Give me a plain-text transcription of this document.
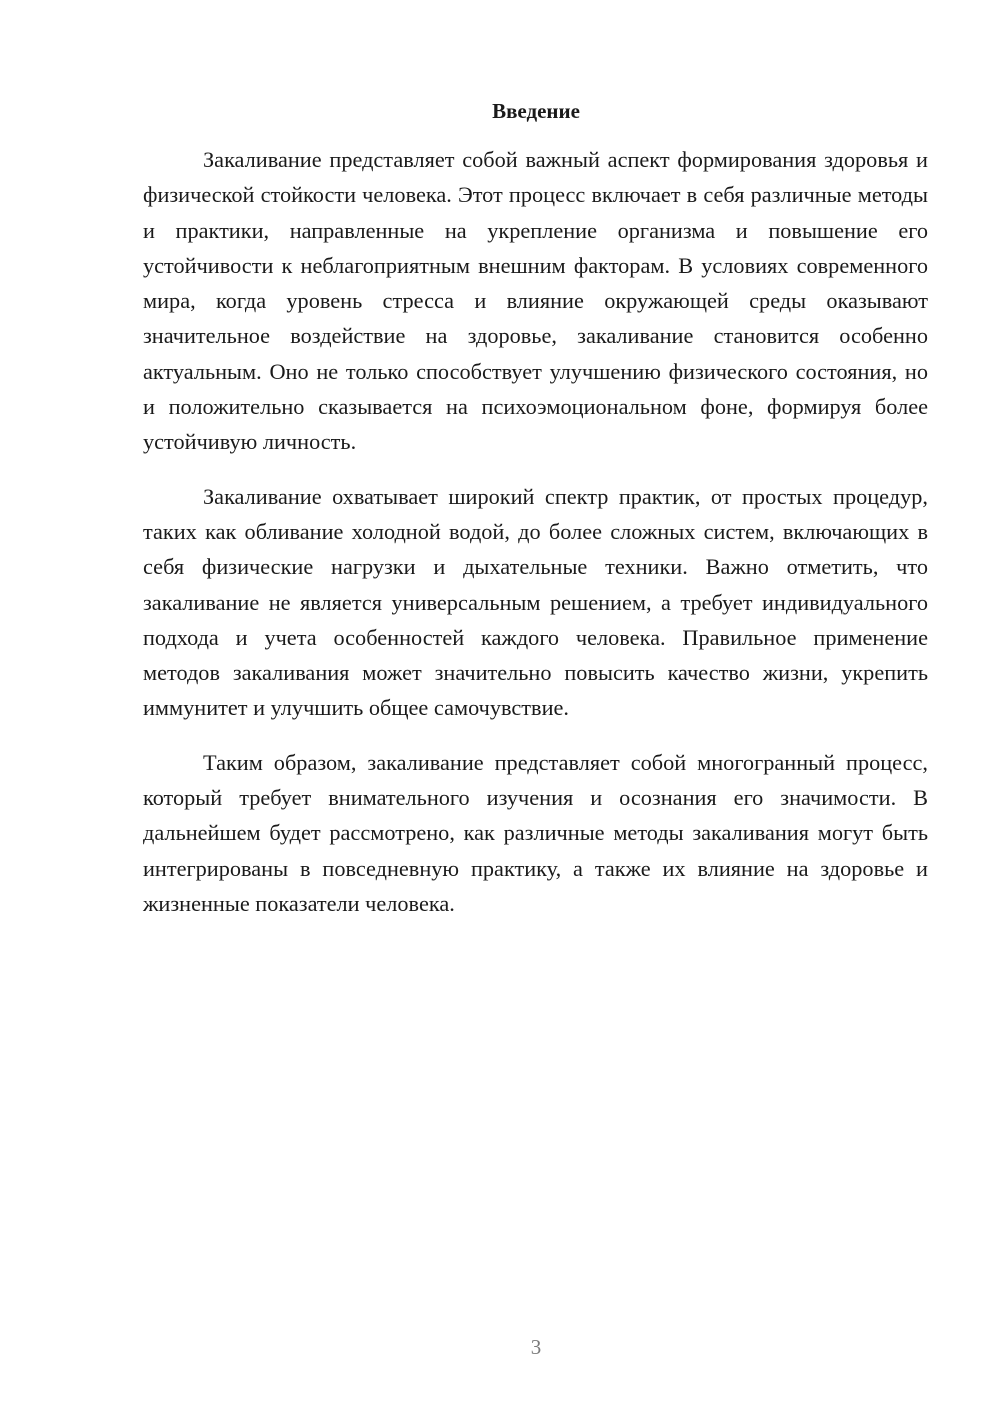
Введение

Закаливание представляет собой важный аспект формирования здоровья и физической стойкости человека. Этот процесс включает в себя различные методы и практики, направленные на укрепление организма и повышение его устойчивости к неблагоприятным внешним факторам. В условиях современного мира, когда уровень стресса и влияние окружающей среды оказывают значительное воздействие на здоровье, закаливание становится особенно актуальным. Оно не только способствует улучшению физического состояния, но и положительно сказывается на психоэмоциональном фоне, формируя более устойчивую личность.

Закаливание охватывает широкий спектр практик, от простых процедур, таких как обливание холодной водой, до более сложных систем, включающих в себя физические нагрузки и дыхательные техники. Важно отметить, что закаливание не является универсальным решением, а требует индивидуального подхода и учета особенностей каждого человека. Правильное применение методов закаливания может значительно повысить качество жизни, укрепить иммунитет и улучшить общее самочувствие.

Таким образом, закаливание представляет собой многогранный процесс, который требует внимательного изучения и осознания его значимости. В дальнейшем будет рассмотрено, как различные методы закаливания могут быть интегрированы в повседневную практику, а также их влияние на здоровье и жизненные показатели человека.

3
